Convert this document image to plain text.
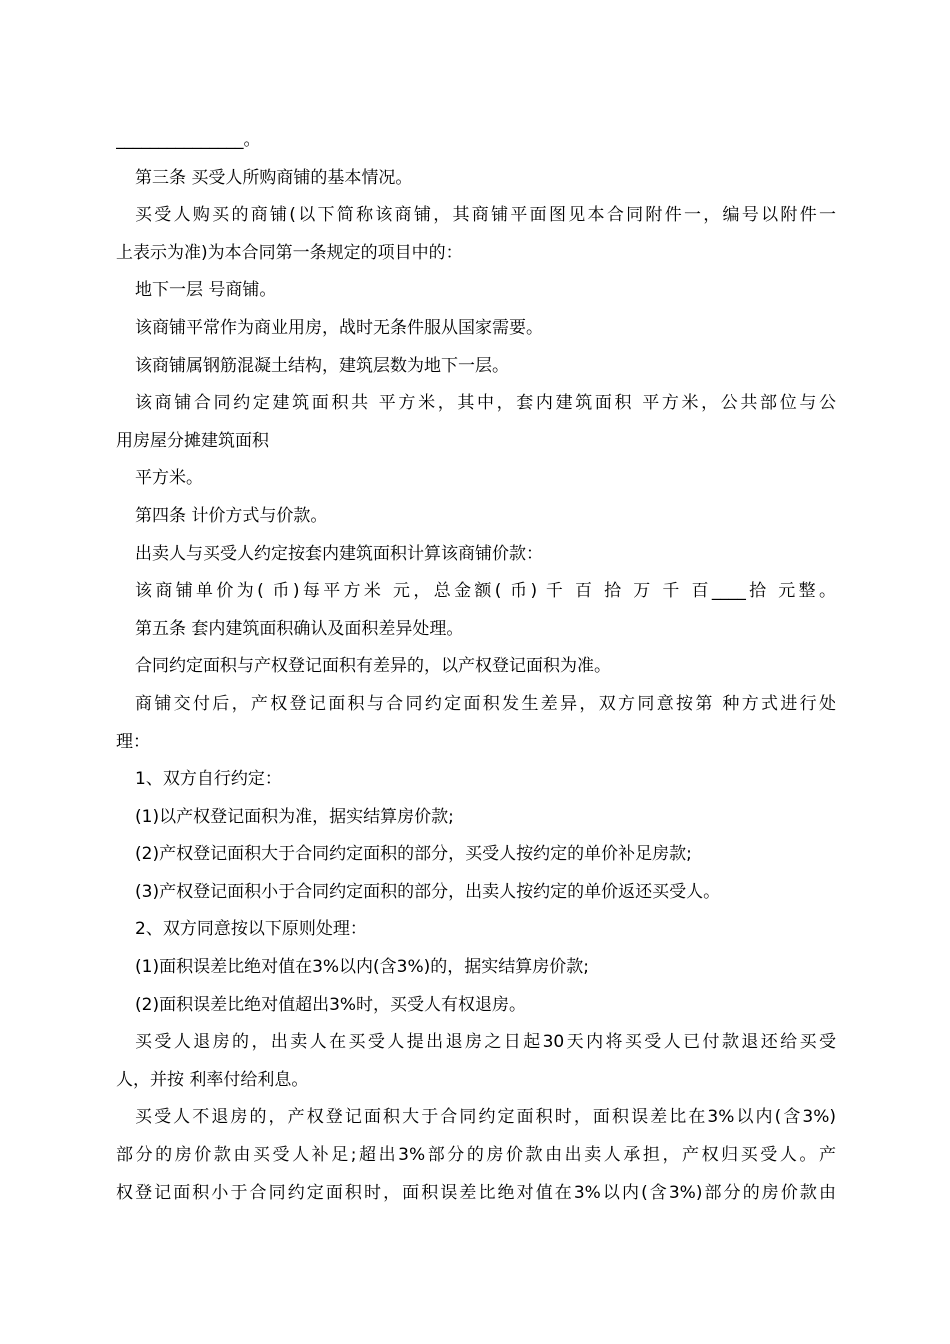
_______________。
第三条 买受人所购商铺的基本情况。
买受人购买的商铺(以下简称该商铺，其商铺平面图见本合同附件一，编号以附件一
上表示为准)为本合同第一条规定的项目中的：
地下一层 号商铺。
该商铺平常作为商业用房，战时无条件服从国家需要。
该商铺属钢筋混凝土结构，建筑层数为地下一层。
该商铺合同约定建筑面积共 平方米，其中，套内建筑面积 平方米，公共部位与公
用房屋分摊建筑面积
平方米。
第四条 计价方式与价款。
出卖人与买受人约定按套内建筑面积计算该商铺价款：
该商铺单价为( 币)每平方米 元，总金额( 币) 千 百 拾 万 千 百____拾 元整。
第五条 套内建筑面积确认及面积差异处理。
合同约定面积与产权登记面积有差异的，以产权登记面积为准。
商铺交付后，产权登记面积与合同约定面积发生差异，双方同意按第 种方式进行处
理：
1、双方自行约定：
(1)以产权登记面积为准，据实结算房价款;
(2)产权登记面积大于合同约定面积的部分，买受人按约定的单价补足房款;
(3)产权登记面积小于合同约定面积的部分，出卖人按约定的单价返还买受人。
2、双方同意按以下原则处理：
(1)面积误差比绝对值在3%以内(含3%)的，据实结算房价款;
(2)面积误差比绝对值超出3%时，买受人有权退房。
买受人退房的，出卖人在买受人提出退房之日起30天内将买受人已付款退还给买受
人，并按 利率付给利息。
买受人不退房的，产权登记面积大于合同约定面积时，面积误差比在3%以内(含3%)
部分的房价款由买受人补足;超出3%部分的房价款由出卖人承担，产权归买受人。产
权登记面积小于合同约定面积时，面积误差比绝对值在3%以内(含3%)部分的房价款由
